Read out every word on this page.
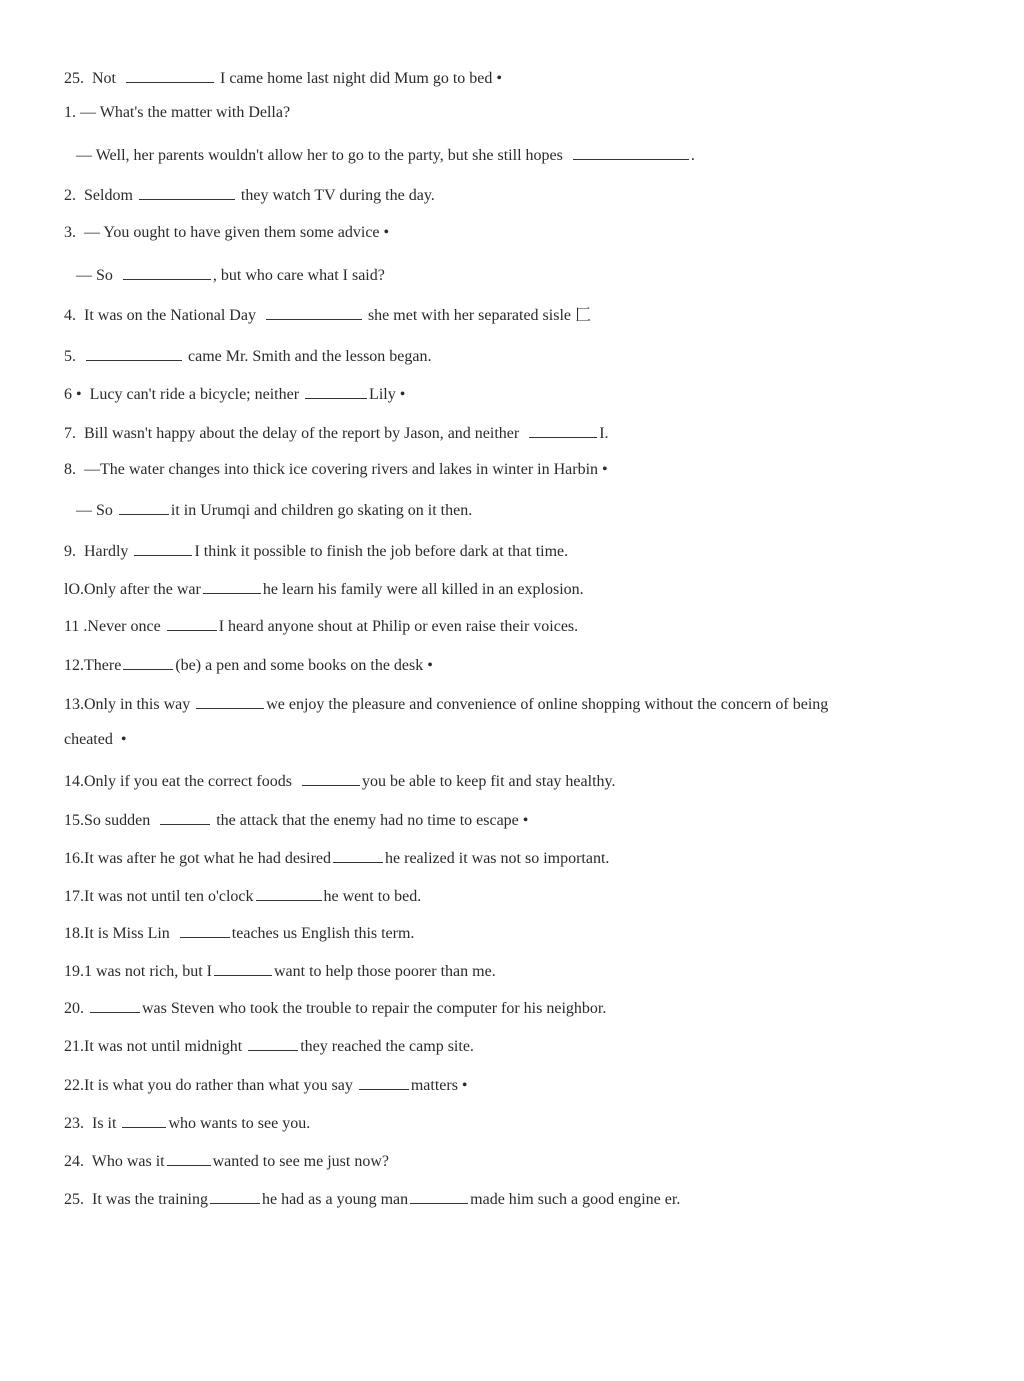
25.  Not	I came home last night did Mum go to bed •
1. — What's the matter with Della?
— Well, her parents wouldn't allow her to go to the party, but she still hopes	.
2.  Seldom	they watch TV during the day.
3.  — You ought to have given them some advice •
— So	, but who care what I said?
4.  It was on the National Day	she met with her separated sisle 匚
5.	came Mr. Smith and the lesson began.
6 •  Lucy can't ride a bicycle; neither	Lily •
7.  Bill wasn't happy about the delay of the report by Jason, and neither	I.
8.  —The water changes into thick ice covering rivers and lakes in winter in Harbin •
— So	it in Urumqi and children go skating on it then.
9.  Hardly	I think it possible to finish the job before dark at that time.
lO.Only after the war	he learn his family were all killed in an explosion.
11 .Never once	I heard anyone shout at Philip or even raise their voices.
12.There	(be) a pen and some books on the desk •
13.Only in this way	we enjoy the pleasure and convenience of online shopping without the concern of being
cheated  •
14.Only if you eat the correct foods	you be able to keep fit and stay healthy.
15.So sudden	the attack that the enemy had no time to escape •
16.It was after he got what he had desired	he realized it was not so important.
17.It was not until ten o'clock	he went to bed.
18.It is Miss Lin	teaches us English this term.
19.1 was not rich, but I	want to help those poorer than me.
20.	was Steven who took the trouble to repair the computer for his neighbor.
21.It was not until midnight	they reached the camp site.
22.It is what you do rather than what you say	matters •
23.  Is it	who wants to see you.
24.  Who was it	wanted to see me just now?
25.  It was the training	he had as a young man	made him such a good engine er.
